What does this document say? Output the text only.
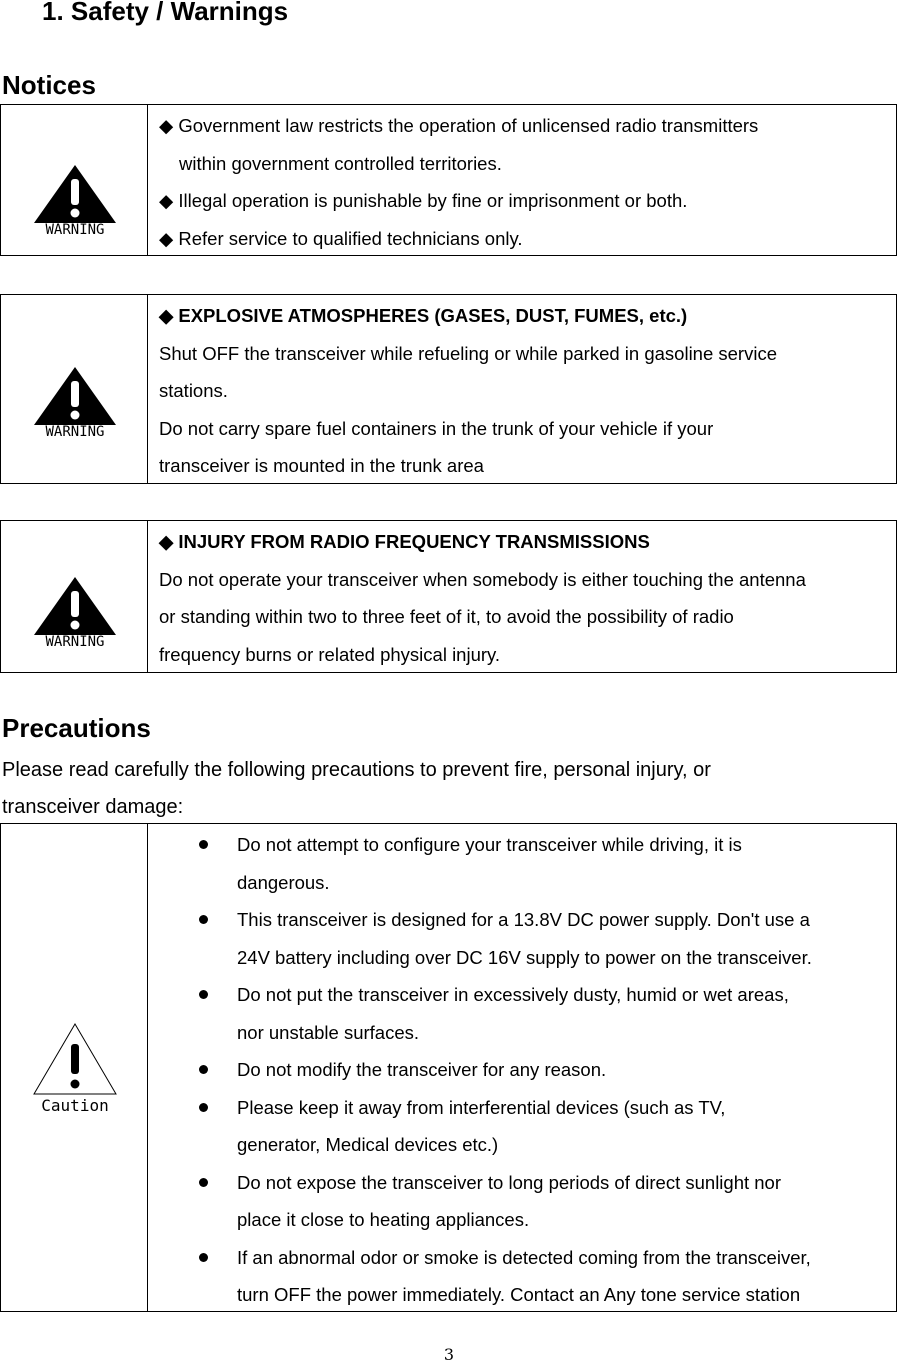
1. Safety / Warnings
Notices
WARNING
◆ Government law restricts the operation of unlicensed radio transmitters
within government controlled territories.
◆ Illegal operation is punishable by fine or imprisonment or both.
◆ Refer service to qualified technicians only.
WARNING
◆ EXPLOSIVE ATMOSPHERES (GASES, DUST, FUMES, etc.)
Shut OFF the transceiver while refueling or while parked in gasoline service
stations.
Do not carry spare fuel containers in the trunk of your vehicle if your
transceiver is mounted in the trunk area
WARNING
◆ INJURY FROM RADIO FREQUENCY TRANSMISSIONS
Do not operate your transceiver when somebody is either touching the antenna
or standing within two to three feet of it, to avoid the possibility of radio
frequency burns or related physical injury.
Precautions
Please read carefully the following precautions to prevent fire, personal injury, or
transceiver damage:
Caution
Do not attempt to configure your transceiver while driving, it is
dangerous.
This transceiver is designed for a 13.8V DC power supply. Don't use a
24V battery including over DC 16V supply to power on the transceiver.
Do not put the transceiver in excessively dusty, humid or wet areas,
nor unstable surfaces.
Do not modify the transceiver for any reason.
Please keep it away from interferential devices (such as TV,
generator, Medical devices etc.)
Do not expose the transceiver to long periods of direct sunlight nor
place it close to heating appliances.
If an abnormal odor or smoke is detected coming from the transceiver,
turn OFF the power immediately. Contact an Any tone service station
3
